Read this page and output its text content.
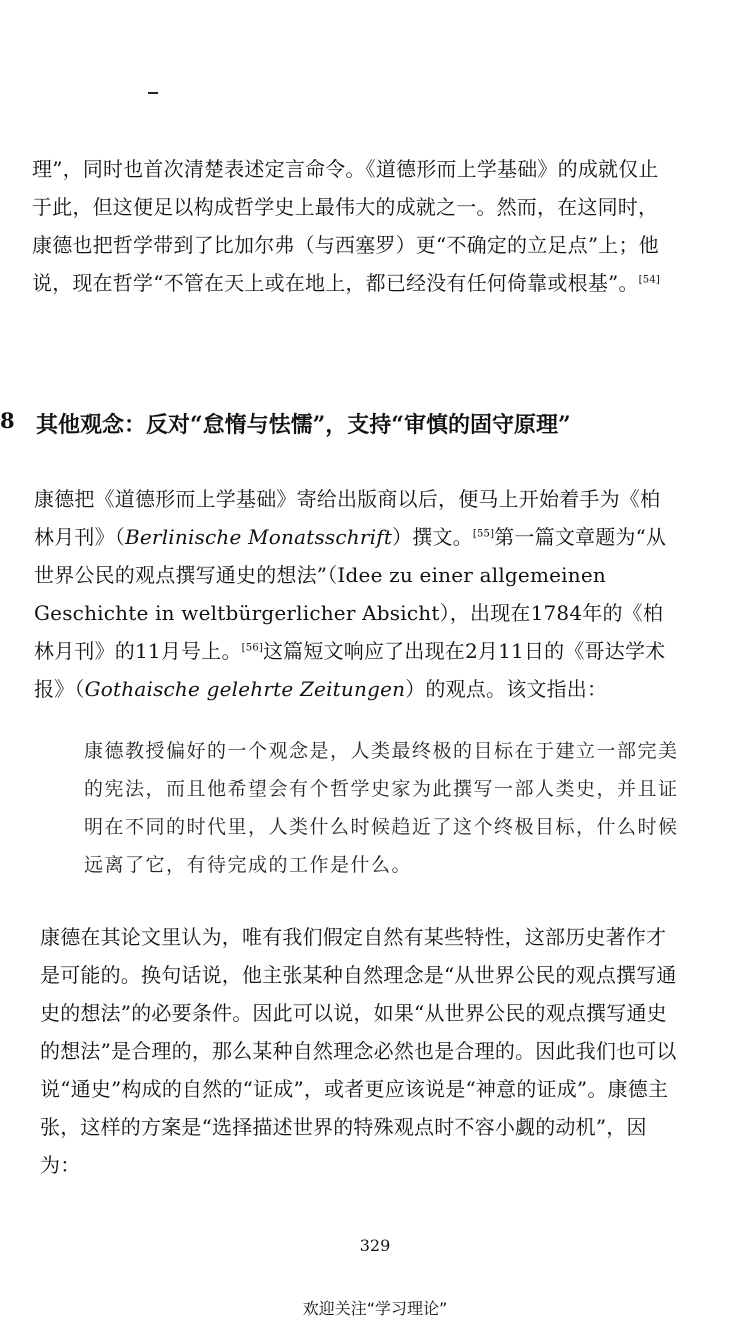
理”，同时也首次清楚表述定言命令。《道德形而上学基础》的成就仅止于此，但这便足以构成哲学史上最伟大的成就之一。然而，在这同时，康德也把哲学带到了比加尔弗（与西塞罗）更“不确定的立足点”上；他说，现在哲学“不管在天上或在地上，都已经没有任何倚靠或根基”。[54]

8 其他观念：反对“怠惰与怯懦”，支持“审慎的固守原理”

康德把《道德形而上学基础》寄给出版商以后，便马上开始着手为《柏林月刊》（Berlinische Monatsschrift）撰文。[55]第一篇文章题为“从世界公民的观点撰写通史的想法”（Idee zu einer allgemeinen Geschichte in weltbürgerlicher Absicht），出现在1784年的《柏林月刊》的11月号上。[56]这篇短文响应了出现在2月11日的《哥达学术报》（Gothaische gelehrte Zeitungen）的观点。该文指出：

康德教授偏好的一个观念是，人类最终极的目标在于建立一部完美的宪法，而且他希望会有个哲学史家为此撰写一部人类史，并且证明在不同的时代里，人类什么时候趋近了这个终极目标，什么时候远离了它，有待完成的工作是什么。

康德在其论文里认为，唯有我们假定自然有某些特性，这部历史著作才是可能的。换句话说，他主张某种自然理念是“从世界公民的观点撰写通史的想法”的必要条件。因此可以说，如果“从世界公民的观点撰写通史的想法”是合理的，那么某种自然理念必然也是合理的。因此我们也可以说“通史”构成的自然的“证成”，或者更应该说是“神意的证成”。康德主张，这样的方案是“选择描述世界的特殊观点时不容小觑的动机”，因为：

329
欢迎关注“学习理论”
